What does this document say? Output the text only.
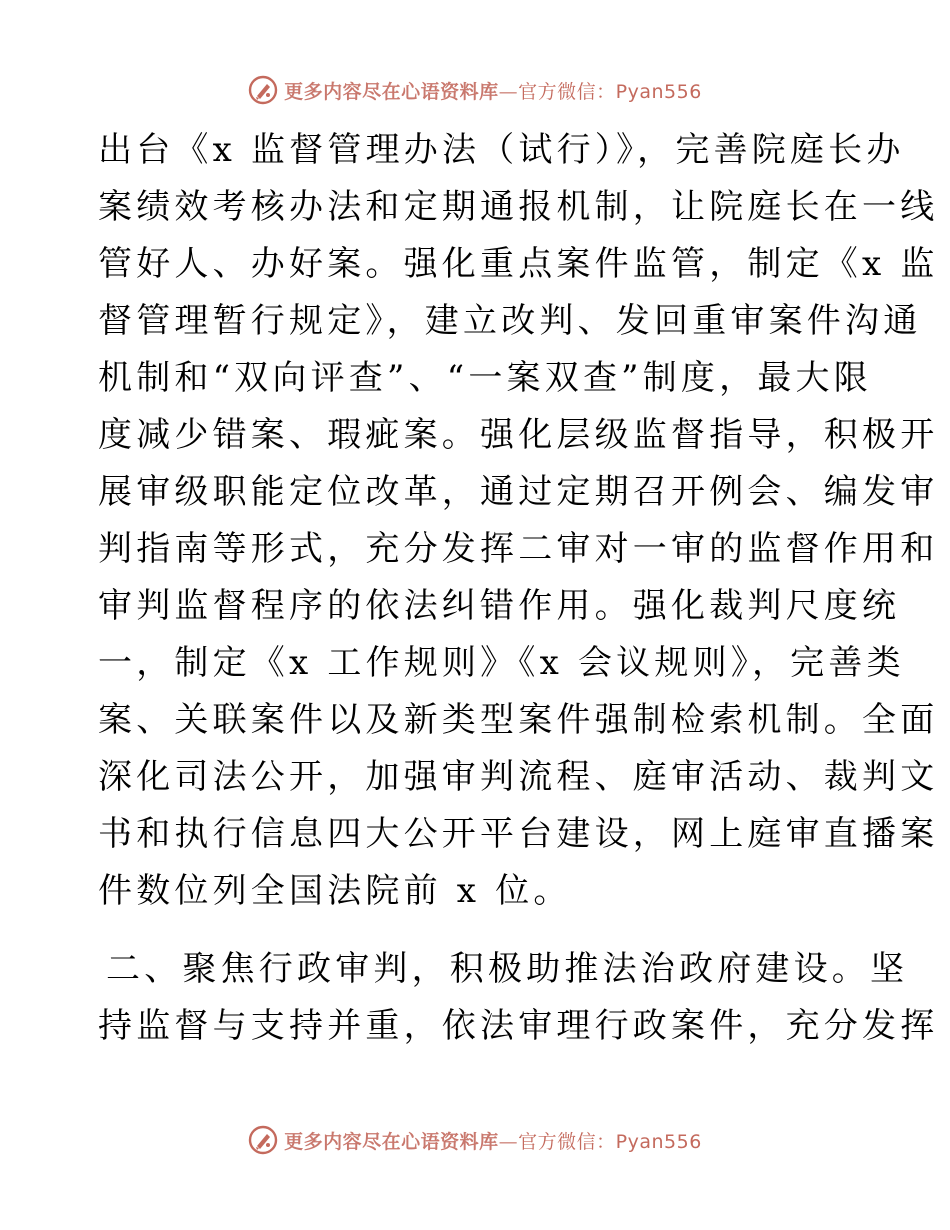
更多内容尽在心语资料库—官方微信：Pyan556
出台《x 监督管理办法（试行）》，完善院庭长办
案绩效考核办法和定期通报机制，让院庭长在一线
管好人、办好案。强化重点案件监管，制定《x 监
督管理暂行规定》，建立改判、发回重审案件沟通
机制和“双向评查”、“一案双查”制度，最大限
度减少错案、瑕疵案。强化层级监督指导，积极开
展审级职能定位改革，通过定期召开例会、编发审
判指南等形式，充分发挥二审对一审的监督作用和
审判监督程序的依法纠错作用。强化裁判尺度统
一，制定《x 工作规则》《x 会议规则》，完善类
案、关联案件以及新类型案件强制检索机制。全面
深化司法公开，加强审判流程、庭审活动、裁判文
书和执行信息四大公开平台建设，网上庭审直播案
件数位列全国法院前 x 位。
二、聚焦行政审判，积极助推法治政府建设。坚
持监督与支持并重，依法审理行政案件，充分发挥
更多内容尽在心语资料库—官方微信：Pyan556
